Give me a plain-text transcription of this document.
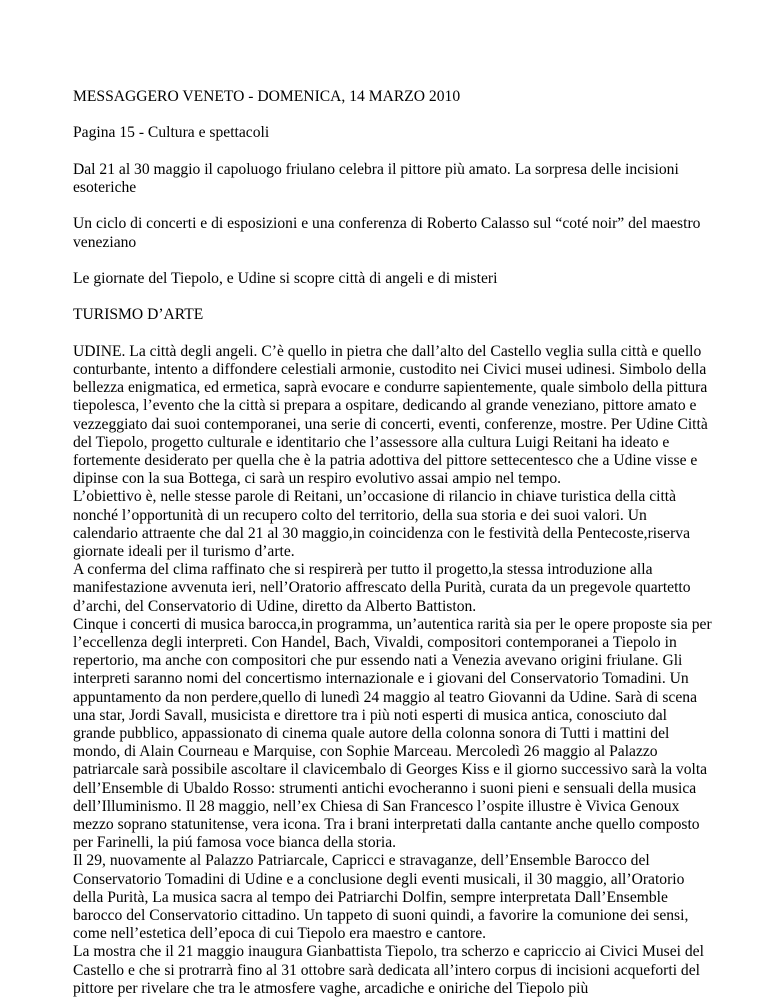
MESSAGGERO VENETO - DOMENICA, 14 MARZO 2010

Pagina 15 - Cultura e spettacoli

Dal 21 al 30 maggio il capoluogo friulano celebra il pittore più amato. La sorpresa delle incisioni esoteriche

Un ciclo di concerti e di esposizioni e una conferenza di Roberto Calasso sul “coté noir” del maestro veneziano

Le giornate del Tiepolo, e Udine si scopre città di angeli e di misteri

TURISMO D’ARTE

UDINE. La città degli angeli. C’è quello in pietra che dall’alto del Castello veglia sulla città e quello conturbante, intento a diffondere celestiali armonie, custodito nei Civici musei udinesi. Simbolo della bellezza enigmatica, ed ermetica, saprà evocare e condurre sapientemente, quale simbolo della pittura tiepolesca, l’evento che la città si prepara a ospitare, dedicando al grande veneziano, pittore amato e vezzeggiato dai suoi contemporanei, una serie di concerti, eventi, conferenze, mostre. Per Udine Città del Tiepolo, progetto culturale e identitario che l’assessore alla cultura Luigi Reitani ha ideato e fortemente desiderato per quella che è la patria adottiva del pittore settecentesco che a Udine visse e dipinse con la sua Bottega, ci sarà un respiro evolutivo assai ampio nel tempo.

L’obiettivo è, nelle stesse parole di Reitani, un’occasione di rilancio in chiave turistica della città nonché l’opportunità di un recupero colto del territorio, della sua storia e dei suoi valori. Un calendario attraente che dal 21 al 30 maggio,in coincidenza con le festività della Pentecoste,riserva giornate ideali per il turismo d’arte.

A conferma del clima raffinato che si respirerà per tutto il progetto,la stessa introduzione alla manifestazione avvenuta ieri, nell’Oratorio affrescato della Purità, curata da un pregevole quartetto d’archi, del Conservatorio di Udine, diretto da Alberto Battiston.

Cinque i concerti di musica barocca,in programma, un’autentica rarità sia per le opere proposte sia per l’eccellenza degli interpreti. Con Handel, Bach, Vivaldi, compositori contemporanei a Tiepolo in repertorio, ma anche con compositori che pur essendo nati a Venezia avevano origini friulane. Gli interpreti saranno nomi del concertismo internazionale e i giovani del Conservatorio Tomadini. Un appuntamento da non perdere,quello di lunedì 24 maggio al teatro Giovanni da Udine. Sarà di scena una star, Jordi Savall, musicista e direttore tra i più noti esperti di musica antica, conosciuto dal grande pubblico, appassionato di cinema quale autore della colonna sonora di Tutti i mattini del mondo, di Alain Courneau e Marquise, con Sophie Marceau. Mercoledì 26 maggio al Palazzo patriarcale sarà possibile ascoltare il clavicembalo di Georges Kiss e il giorno successivo sarà la volta dell’Ensemble di Ubaldo Rosso: strumenti antichi evocheranno i suoni pieni e sensuali della musica dell’Illuminismo. Il 28 maggio, nell’ex Chiesa di San Francesco l’ospite illustre è Vivica Genoux mezzo soprano statunitense, vera icona. Tra i brani interpretati dalla cantante anche quello composto per Farinelli, la piú famosa voce bianca della storia.

Il 29, nuovamente al Palazzo Patriarcale, Capricci e stravaganze, dell’Ensemble Barocco del Conservatorio Tomadini di Udine e a conclusione degli eventi musicali, il 30 maggio, all’Oratorio della Purità, La musica sacra al tempo dei Patriarchi Dolfin, sempre interpretata Dall’Ensemble barocco del Conservatorio cittadino. Un tappeto di suoni quindi, a favorire la comunione dei sensi, come nell’estetica dell’epoca di cui Tiepolo era maestro e cantore.

La mostra che il 21 maggio inaugura Gianbattista Tiepolo, tra scherzo e capriccio ai Civici Musei del Castello e che si protrarrà fino al 31 ottobre sarà dedicata all’intero corpus di incisioni acqueforti del pittore per rivelare che tra le atmosfere vaghe, arcadiche e oniriche del Tiepolo più
